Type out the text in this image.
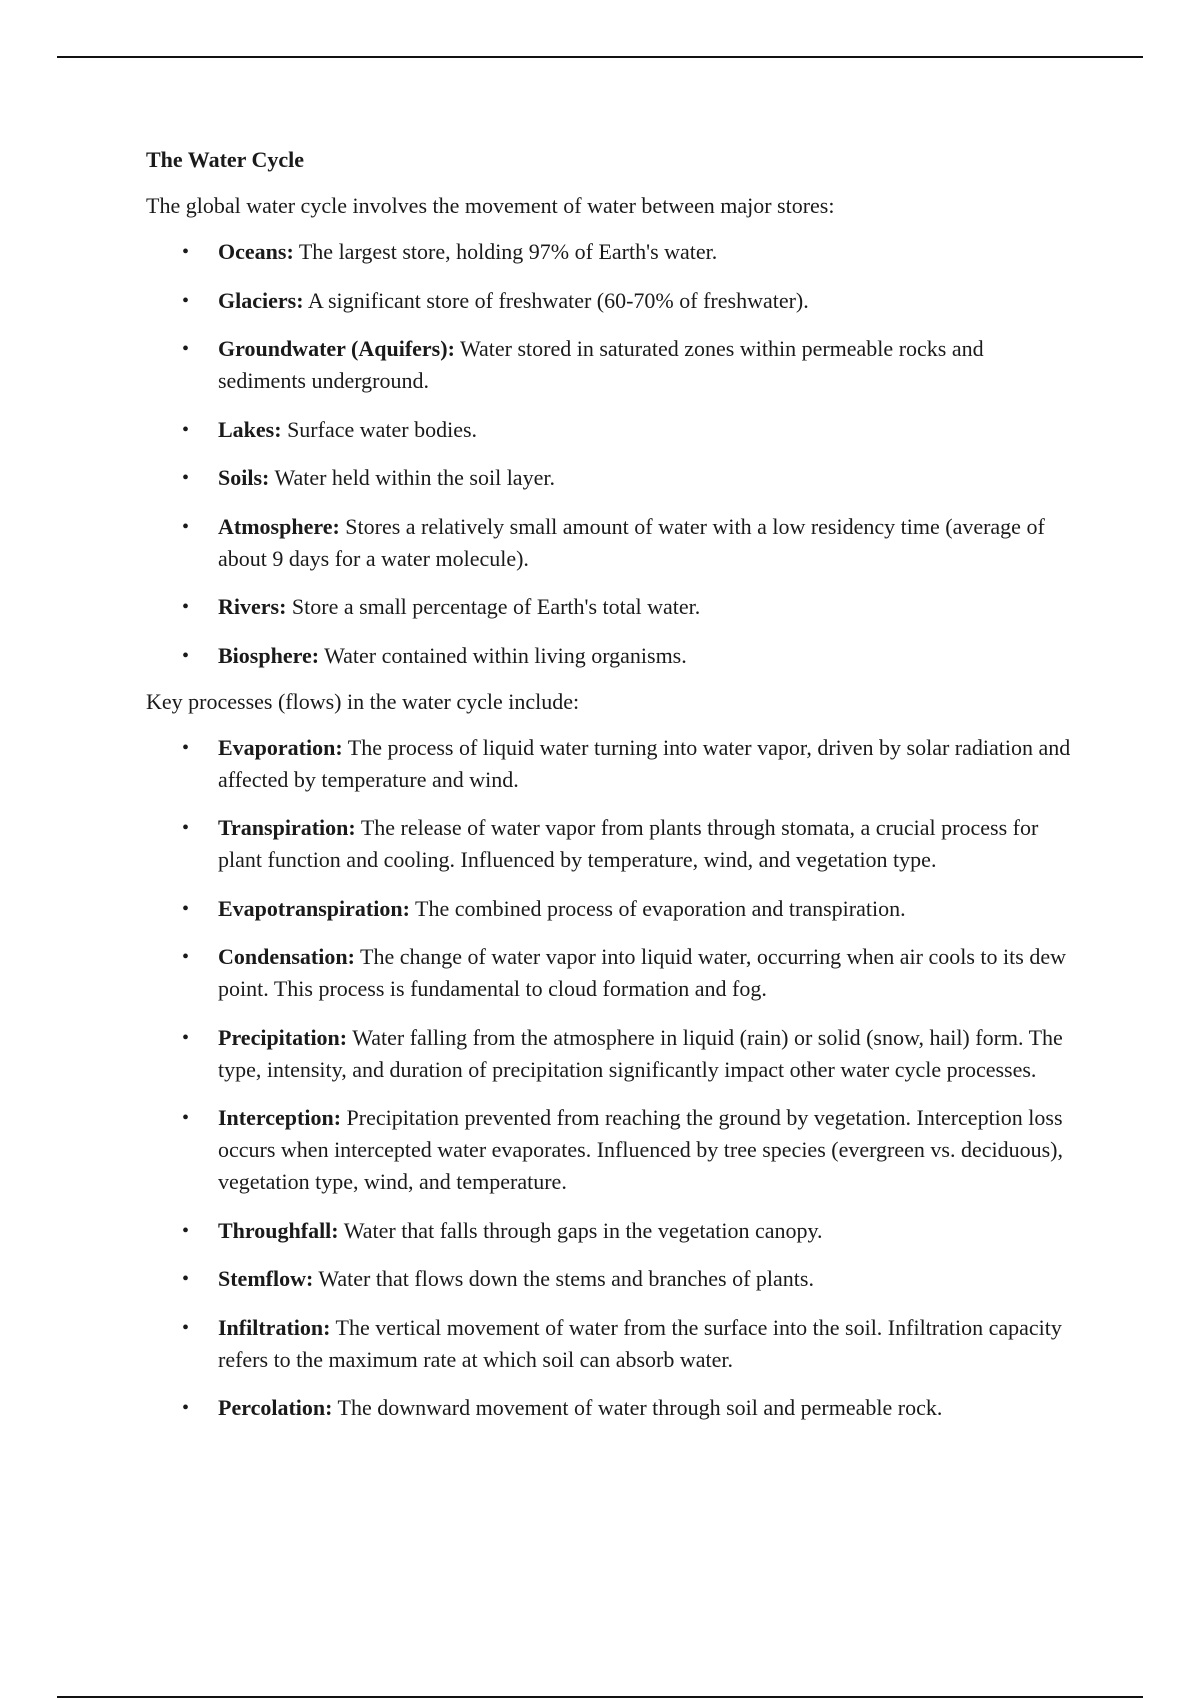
The Water Cycle
The global water cycle involves the movement of water between major stores:
• Oceans: The largest store, holding 97% of Earth's water.
• Glaciers: A significant store of freshwater (60-70% of freshwater).
• Groundwater (Aquifers): Water stored in saturated zones within permeable rocks and sediments underground.
• Lakes: Surface water bodies.
• Soils: Water held within the soil layer.
• Atmosphere: Stores a relatively small amount of water with a low residency time (average of about 9 days for a water molecule).
• Rivers: Store a small percentage of Earth's total water.
• Biosphere: Water contained within living organisms.
Key processes (flows) in the water cycle include:
• Evaporation: The process of liquid water turning into water vapor, driven by solar radiation and affected by temperature and wind.
• Transpiration: The release of water vapor from plants through stomata, a crucial process for plant function and cooling. Influenced by temperature, wind, and vegetation type.
• Evapotranspiration: The combined process of evaporation and transpiration.
• Condensation: The change of water vapor into liquid water, occurring when air cools to its dew point. This process is fundamental to cloud formation and fog.
• Precipitation: Water falling from the atmosphere in liquid (rain) or solid (snow, hail) form. The type, intensity, and duration of precipitation significantly impact other water cycle processes.
• Interception: Precipitation prevented from reaching the ground by vegetation. Interception loss occurs when intercepted water evaporates. Influenced by tree species (evergreen vs. deciduous), vegetation type, wind, and temperature.
• Throughfall: Water that falls through gaps in the vegetation canopy.
• Stemflow: Water that flows down the stems and branches of plants.
• Infiltration: The vertical movement of water from the surface into the soil. Infiltration capacity refers to the maximum rate at which soil can absorb water.
• Percolation: The downward movement of water through soil and permeable rock.
